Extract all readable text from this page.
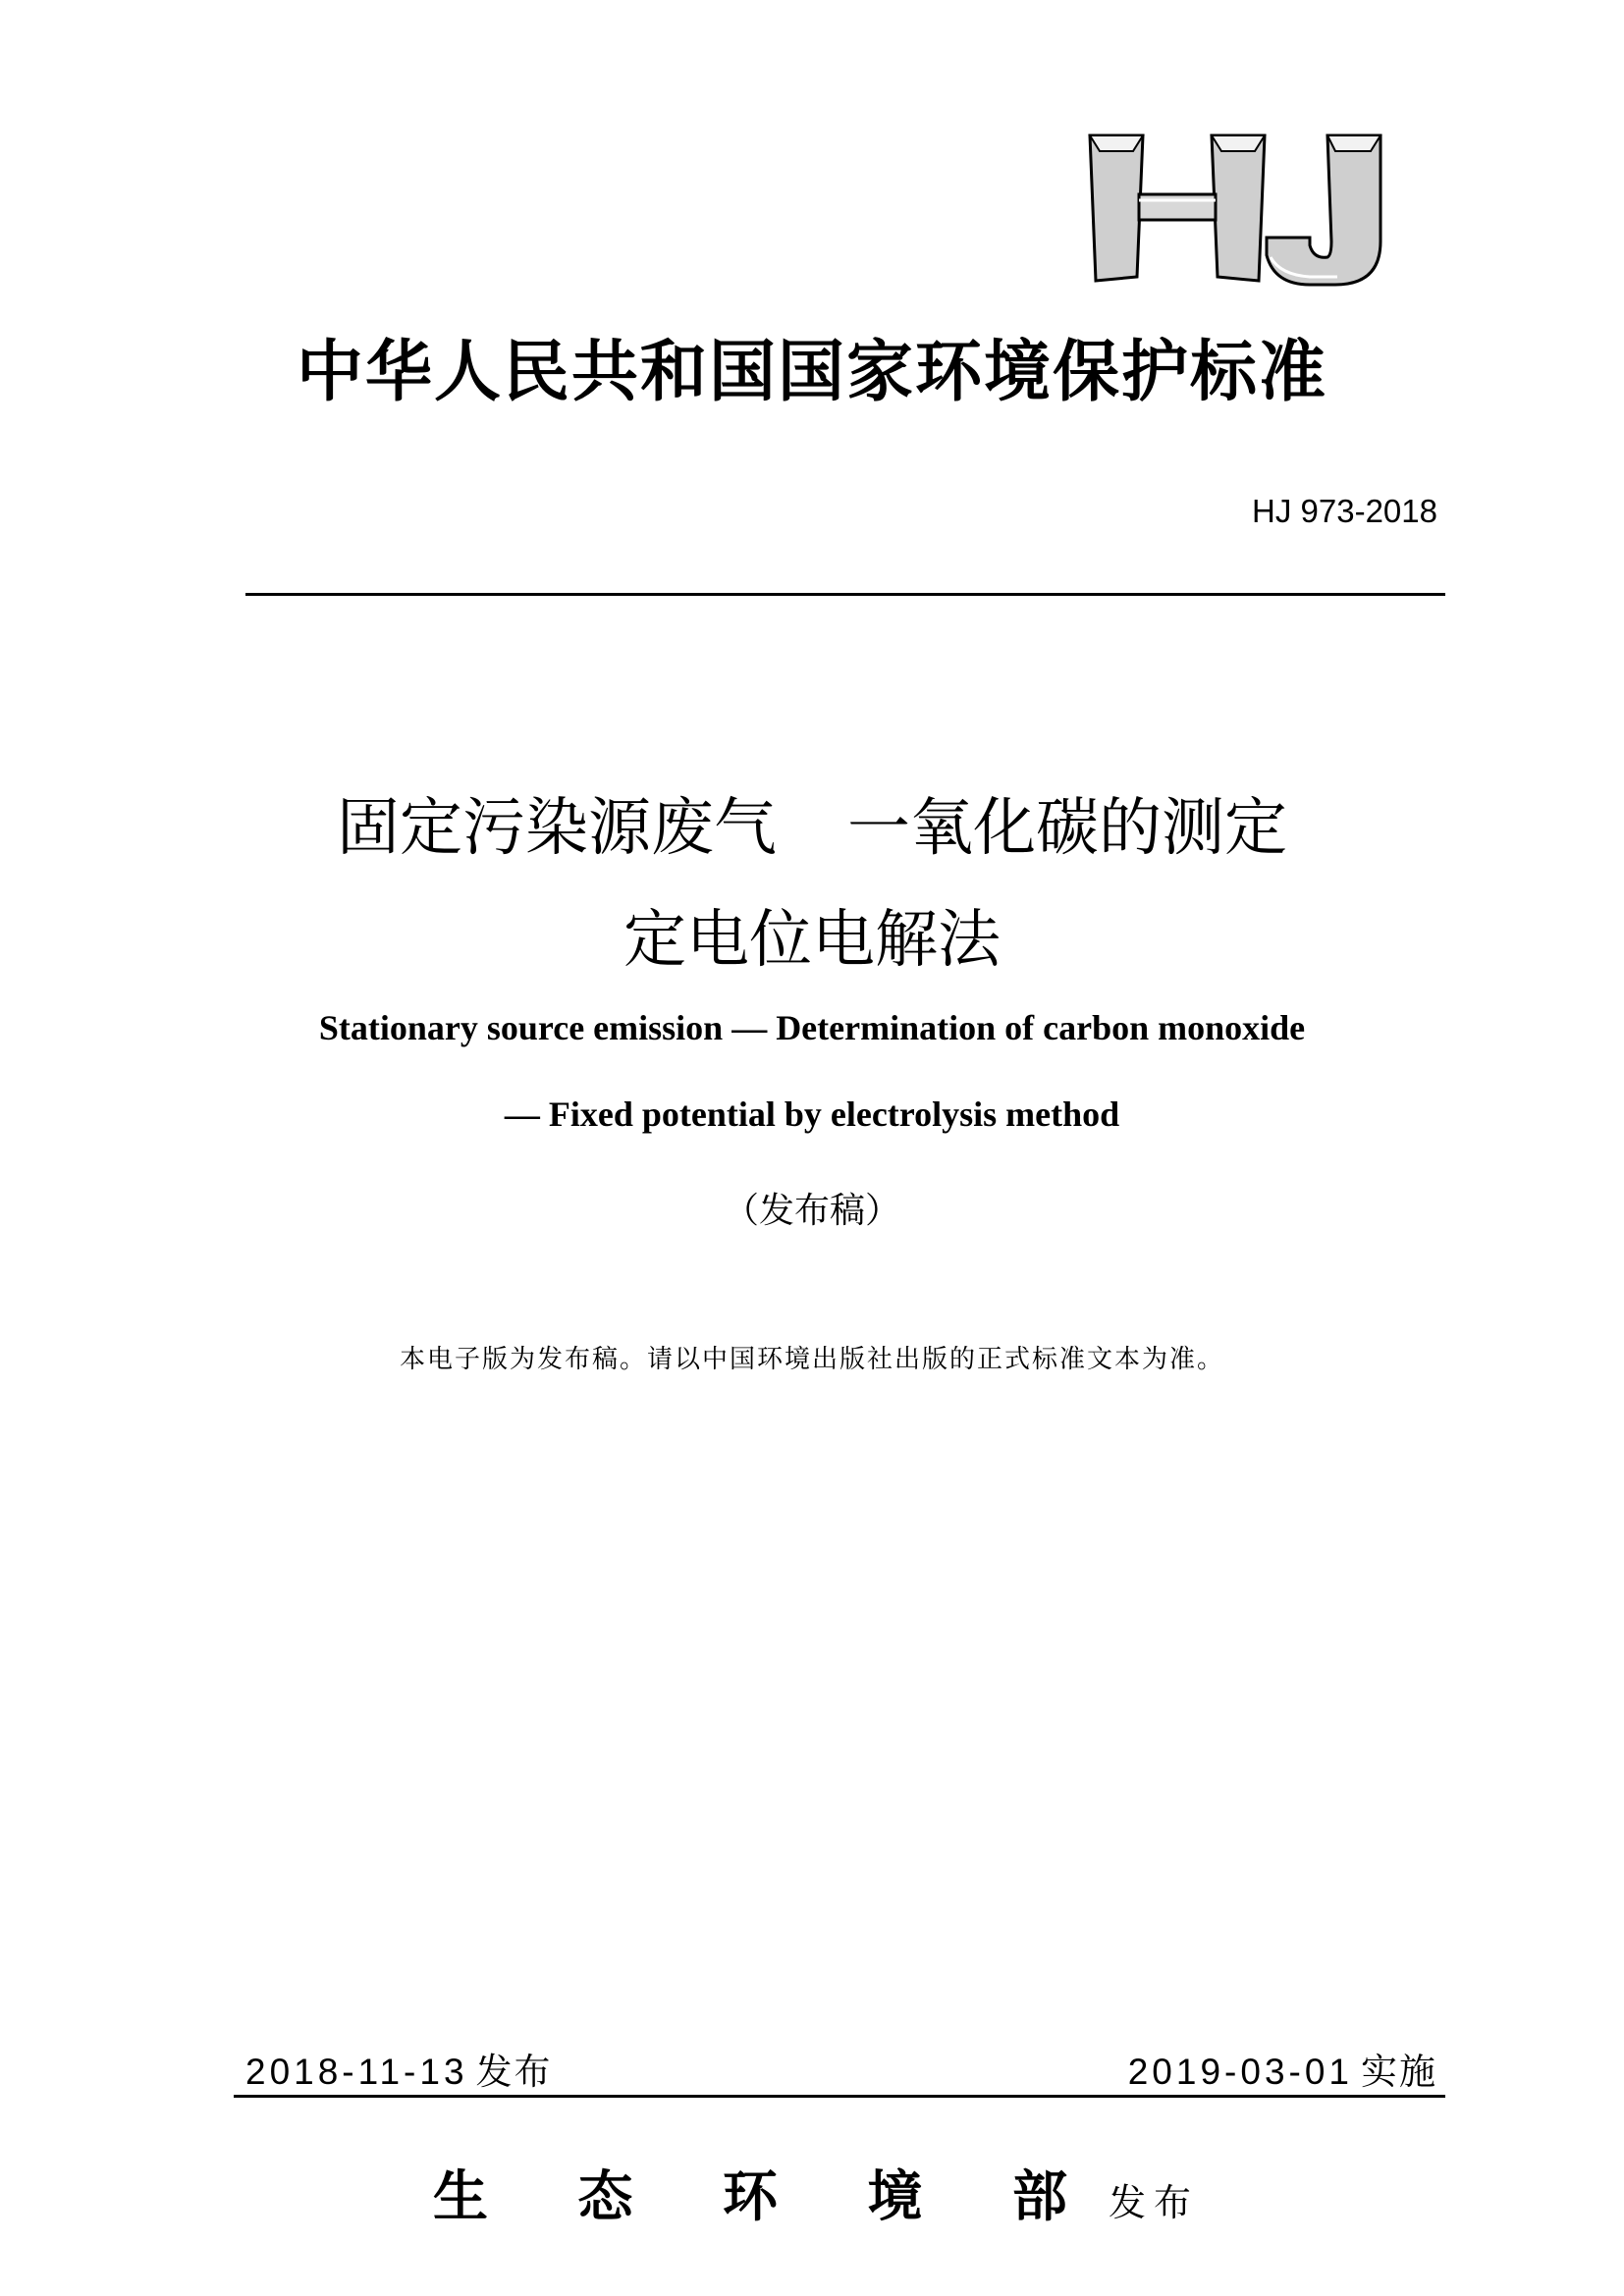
中华人民共和国国家环境保护标准
HJ 973-2018
固定污染源废气 一氧化碳的测定
定电位电解法
Stationary source emission — Determination of carbon monoxide
— Fixed potential by electrolysis method
（发布稿）
本电子版为发布稿。请以中国环境出版社出版的正式标准文本为准。
2018-11-13 发布	2019-03-01 实施

生 态 环 境 部 发布
